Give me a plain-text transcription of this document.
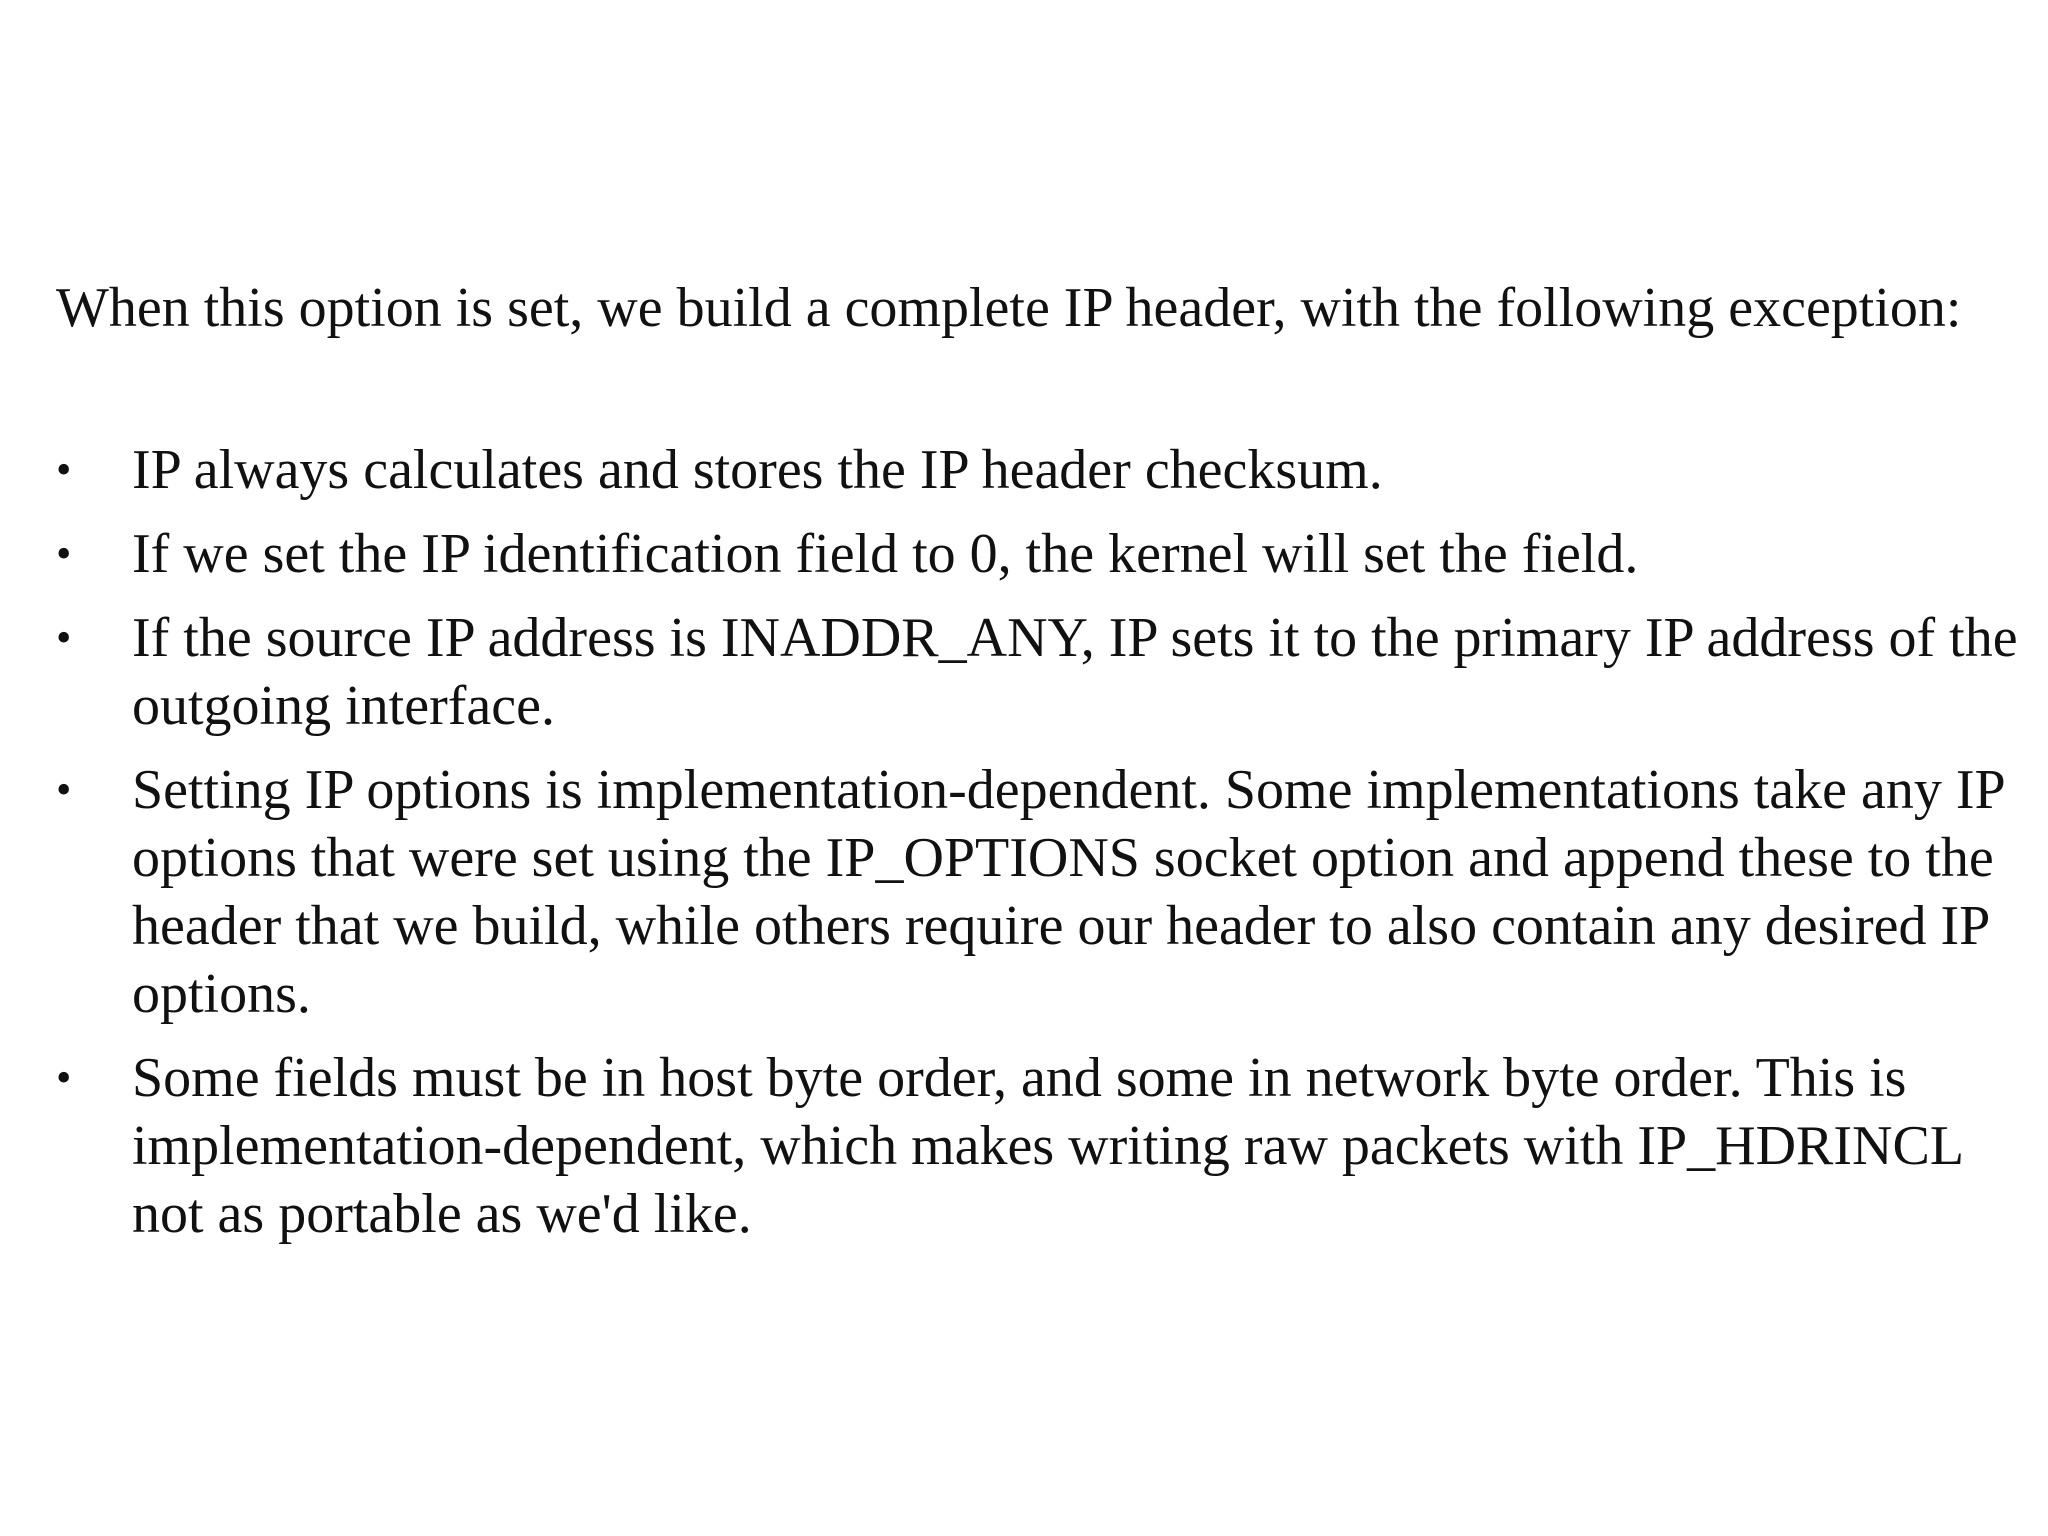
When this option is set, we build a complete IP header, with the following exception:

•	IP always calculates and stores the IP header checksum.
•	If we set the IP identification field to 0, the kernel will set the field.
•	If the source IP address is INADDR_ANY, IP sets it to the primary IP address of the outgoing interface.
•	Setting IP options is implementation-dependent. Some implementations take any IP options that were set using the IP_OPTIONS socket option and append these to the header that we build, while others require our header to also contain any desired IP options.
•	Some fields must be in host byte order, and some in network byte order. This is implementation-dependent, which makes writing raw packets with IP_HDRINCL not as portable as we'd like.
